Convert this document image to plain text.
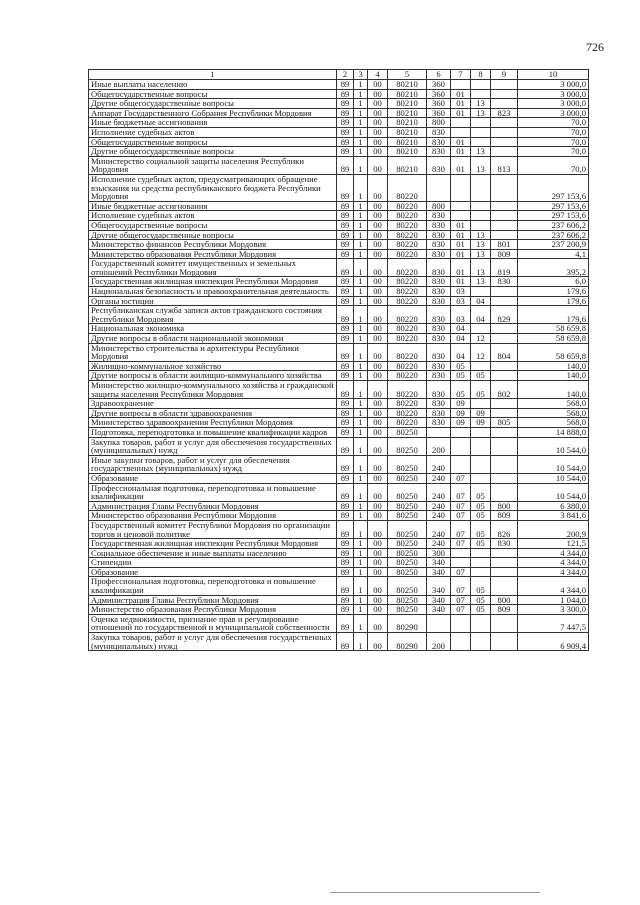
726
1	2	3	4	5	6	7	8	9	10
Иные выплаты населению	89	1	00	80210	360				3 000,0
Общегосударственные вопросы	89	1	00	80210	360	01			3 000,0
Другие общегосударственные вопросы	89	1	00	80210	360	01	13		3 000,0
Аппарат Государственного Собрания Республики Мордовия	89	1	00	80210	360	01	13	823	3 000,0
Иные бюджетные ассигнования	89	1	00	80210	800				70,0
Исполнение судебных актов	89	1	00	80210	830				70,0
Общегосударственные вопросы	89	1	00	80210	830	01			70,0
Другие общегосударственные вопросы	89	1	00	80210	830	01	13		70,0
Министерство социальной защиты населения Республики Мордовия	89	1	00	80210	830	01	13	813	70,0
Исполнение судебных актов, предусматривающих обращение взыскания на средства республиканского бюджета Республики Мордовия	89	1	00	80220					297 153,6
Иные бюджетные ассигнования	89	1	00	80220	800				297 153,6
Исполнение судебных актов	89	1	00	80220	830				297 153,6
Общегосударственные вопросы	89	1	00	80220	830	01			237 606,2
Другие общегосударственные вопросы	89	1	00	80220	830	01	13		237 606,2
Министерство финансов Республики Мордовия	89	1	00	80220	830	01	13	801	237 200,9
Министерство образования Республики Мордовия	89	1	00	80220	830	01	13	809	4,1
Государственный комитет имущественных и земельных отношений Республики Мордовия	89	1	00	80220	830	01	13	819	395,2
Государственная жилищная инспекция Республики Мордовия	89	1	00	80220	830	01	13	830	6,0
Национальная безопасность и правоохранительная деятельность	89	1	00	80220	830	03			179,6
Органы юстиции	89	1	00	80220	830	03	04		179,6
Республиканская служба записи актов гражданского состояния Республики Мордовия	89	1	00	80220	830	03	04	829	179,6
Национальная экономика	89	1	00	80220	830	04			58 659,8
Другие вопросы в области национальной экономики	89	1	00	80220	830	04	12		58 659,8
Министерство строительства и архитектуры Республики Мордовия	89	1	00	80220	830	04	12	804	58 659,8
Жилищно-коммунальное хозяйство	89	1	00	80220	830	05			140,0
Другие вопросы в области жилищно-коммунального хозяйства	89	1	00	80220	830	05	05		140,0
Министерство жилищно-коммунального хозяйства и гражданской защиты населения Республики Мордовия	89	1	00	80220	830	05	05	802	140,0
Здравоохранение	89	1	00	80220	830	09			568,0
Другие вопросы в области здравоохранения	89	1	00	80220	830	09	09		568,0
Министерство здравоохранения Республики Мордовия	89	1	00	80220	830	09	09	805	568,0
Подготовка, переподготовка и повышение квалификации кадров	89	1	00	80250					14 888,0
Закупка товаров, работ и услуг для обеспечения государственных (муниципальных) нужд	89	1	00	80250	200				10 544,0
Иные закупки товаров, работ и услуг для обеспечения государственных (муниципальных) нужд	89	1	00	80250	240				10 544,0
Образование	89	1	00	80250	240	07			10 544,0
Профессиональная подготовка, переподготовка и повышение квалификации	89	1	00	80250	240	07	05		10 544,0
Администрация Главы Республики Мордовия	89	1	00	80250	240	07	05	800	6 380,0
Министерство образования Республики Мордовия	89	1	00	80250	240	07	05	809	3 841,6
Государственный комитет Республики Мордовия по организации торгов и ценовой политике	89	1	00	80250	240	07	05	826	200,9
Государственная жилищная инспекция Республики Мордовия	89	1	00	80250	240	07	05	830	121,5
Социальное обеспечение и иные выплаты населению	89	1	00	80250	300				4 344,0
Стипендии	89	1	00	80250	340				4 344,0
Образование	89	1	00	80250	340	07			4 344,0
Профессиональная подготовка, переподготовка и повышение квалификации	89	1	00	80250	340	07	05		4 344,0
Администрация Главы Республики Мордовия	89	1	00	80250	340	07	05	800	1 044,0
Министерство образования Республики Мордовия	89	1	00	80250	340	07	05	809	3 300,0
Оценка недвижимости, признание прав и регулирование отношений по государственной и муниципальной собственности	89	1	00	80290					7 447,5
Закупка товаров, работ и услуг для обеспечения государственных (муниципальных) нужд	89	1	00	80290	200				6 909,4
